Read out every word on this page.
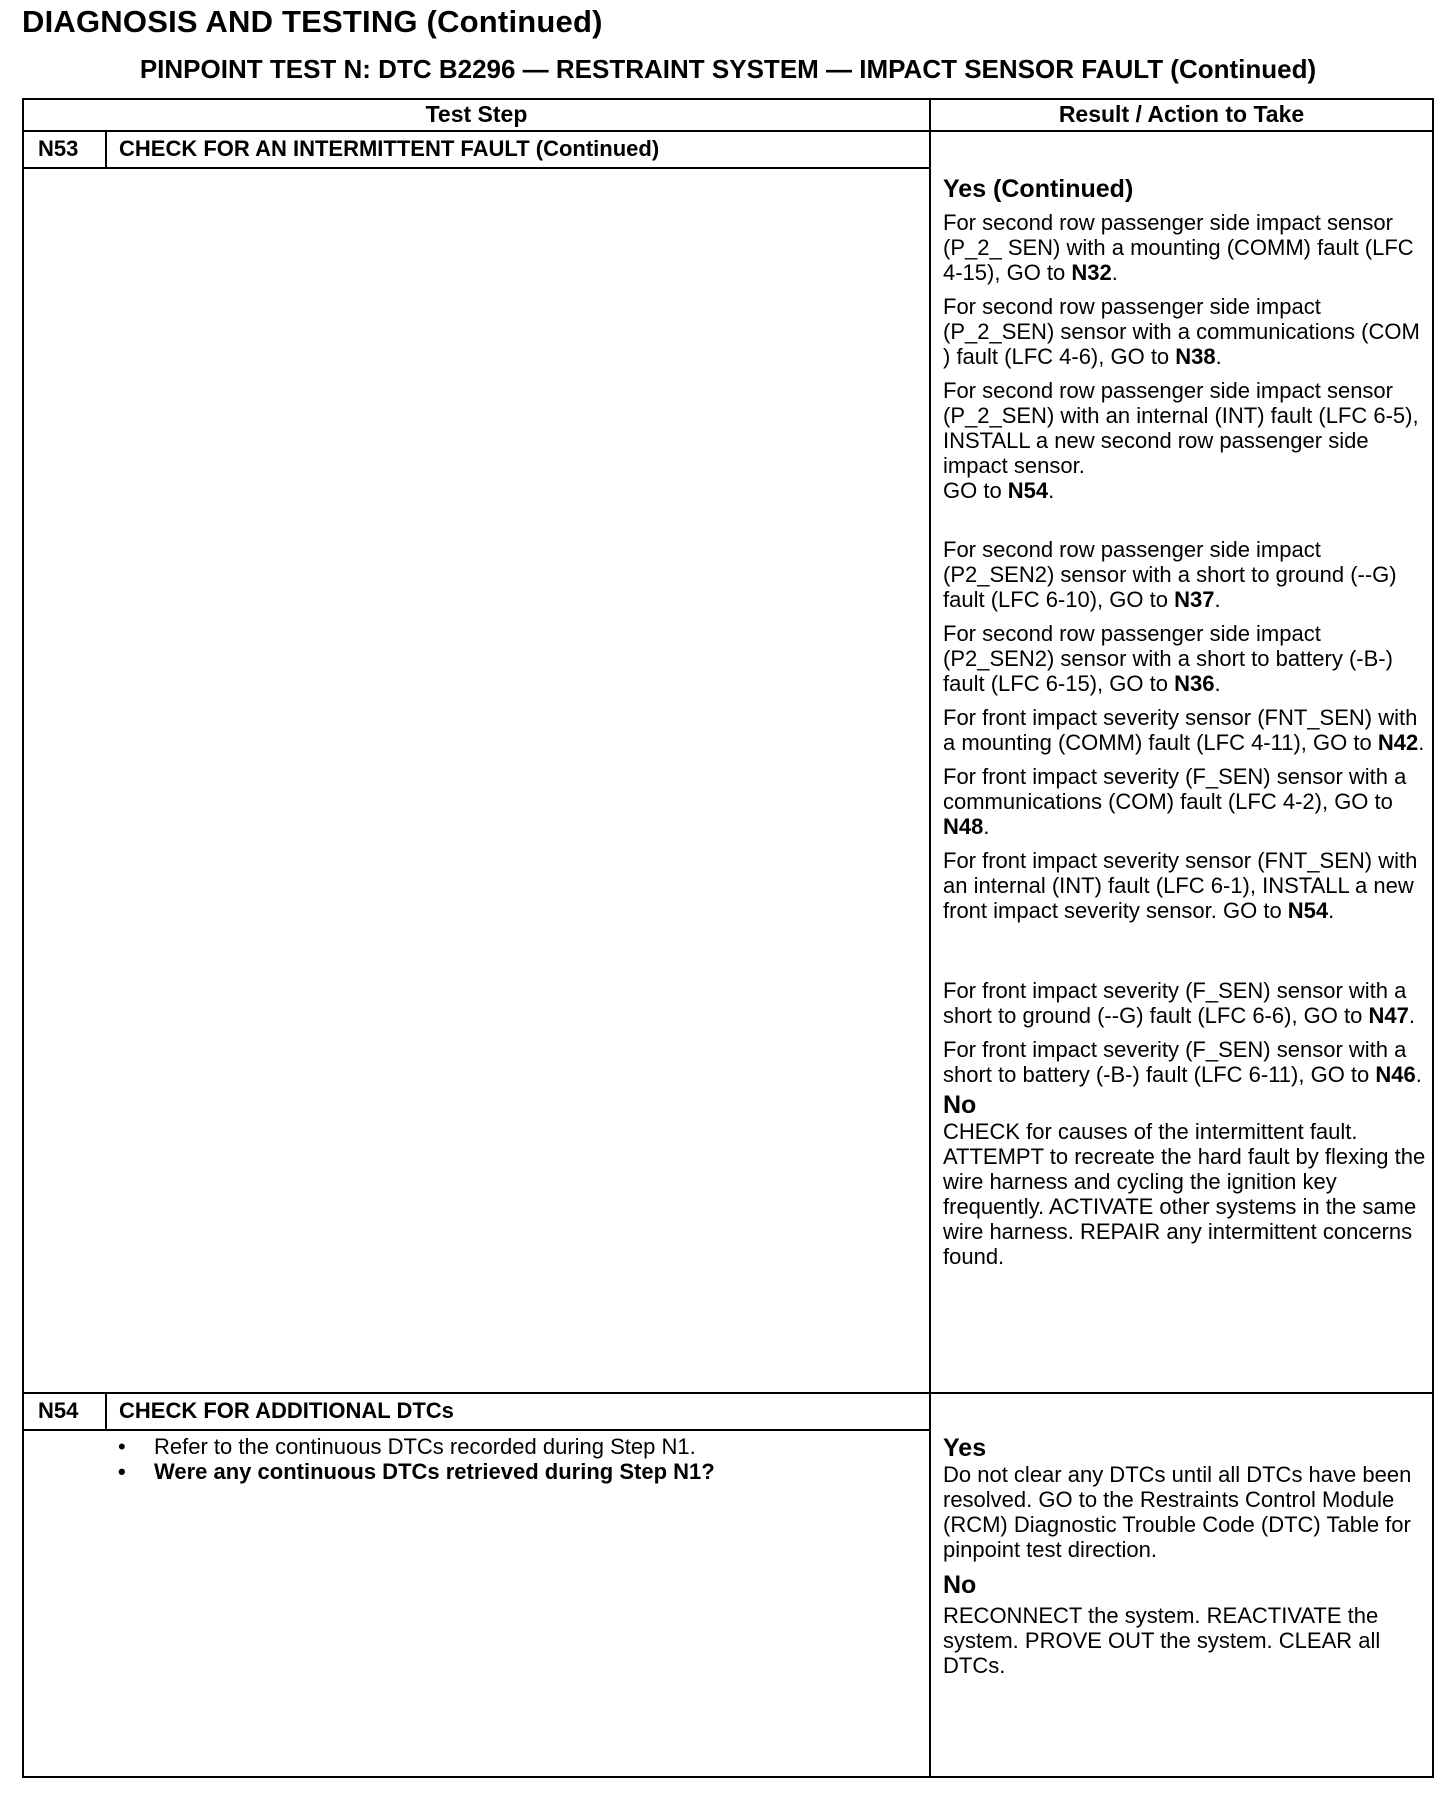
DIAGNOSIS AND TESTING (Continued)
PINPOINT TEST N: DTC B2296 — RESTRAINT SYSTEM — IMPACT SENSOR FAULT (Continued)
Test Step	Result / Action to Take
N53 CHECK FOR AN INTERMITTENT FAULT (Continued)
Yes (Continued)
For second row passenger side impact sensor (P_2_ SEN) with a mounting (COMM) fault (LFC 4-15), GO to N32.
For second row passenger side impact (P_2_SEN) sensor with a communications (COM ) fault (LFC 4-6), GO to N38.
For second row passenger side impact sensor (P_2_SEN) with an internal (INT) fault (LFC 6-5), INSTALL a new second row passenger side impact sensor.
GO to N54.
For second row passenger side impact (P2_SEN2) sensor with a short to ground (--G) fault (LFC 6-10), GO to N37.
For second row passenger side impact (P2_SEN2) sensor with a short to battery (-B-) fault (LFC 6-15), GO to N36.
For front impact severity sensor (FNT_SEN) with a mounting (COMM) fault (LFC 4-11), GO to N42.
For front impact severity (F_SEN) sensor with a communications (COM) fault (LFC 4-2), GO to N48.
For front impact severity sensor (FNT_SEN) with an internal (INT) fault (LFC 6-1), INSTALL a new front impact severity sensor. GO to N54.
For front impact severity (F_SEN) sensor with a short to ground (--G) fault (LFC 6-6), GO to N47.
For front impact severity (F_SEN) sensor with a short to battery (-B-) fault (LFC 6-11), GO to N46.
No
CHECK for causes of the intermittent fault. ATTEMPT to recreate the hard fault by flexing the wire harness and cycling the ignition key frequently. ACTIVATE other systems in the same wire harness. REPAIR any intermittent concerns found.
N54 CHECK FOR ADDITIONAL DTCs
• Refer to the continuous DTCs recorded during Step N1.
• Were any continuous DTCs retrieved during Step N1?
Yes
Do not clear any DTCs until all DTCs have been resolved. GO to the Restraints Control Module (RCM) Diagnostic Trouble Code (DTC) Table for pinpoint test direction.
No
RECONNECT the system. REACTIVATE the system. PROVE OUT the system. CLEAR all DTCs.
